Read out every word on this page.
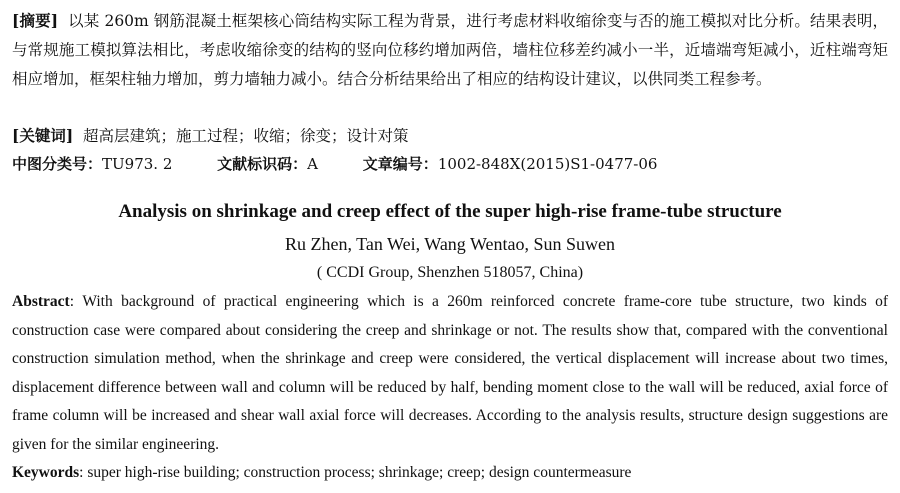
[摘要] 以某 260m 钢筋混凝土框架核心筒结构实际工程为背景，进行考虑材料收缩徐变与否的施工模拟对比分析。结果表明，与常规施工模拟算法相比，考虑收缩徐变的结构的竖向位移约增加两倍，墙柱位移差约减小一半，近墙端弯矩减小，近柱端弯矩相应增加，框架柱轴力增加，剪力墙轴力减小。结合分析结果给出了相应的结构设计建议，以供同类工程参考。
[关键词] 超高层建筑；施工过程；收缩；徐变；设计对策
中图分类号：TU973. 2	文献标识码：A	文章编号：1002-848X(2015)S1-0477-06
Analysis on shrinkage and creep effect of the super high-rise frame-tube structure
Ru Zhen, Tan Wei, Wang Wentao, Sun Suwen
( CCDI Group, Shenzhen 518057, China)
Abstract: With background of practical engineering which is a 260m reinforced concrete frame-core tube structure, two kinds of construction case were compared about considering the creep and shrinkage or not. The results show that, compared with the conventional construction simulation method, when the shrinkage and creep were considered, the vertical displacement will increase about two times, displacement difference between wall and column will be reduced by half, bending moment close to the wall will be reduced, axial force of frame column will be increased and shear wall axial force will decreases. According to the analysis results, structure design suggestions are given for the similar engineering.
Keywords: super high-rise building; construction process; shrinkage; creep; design countermeasure
